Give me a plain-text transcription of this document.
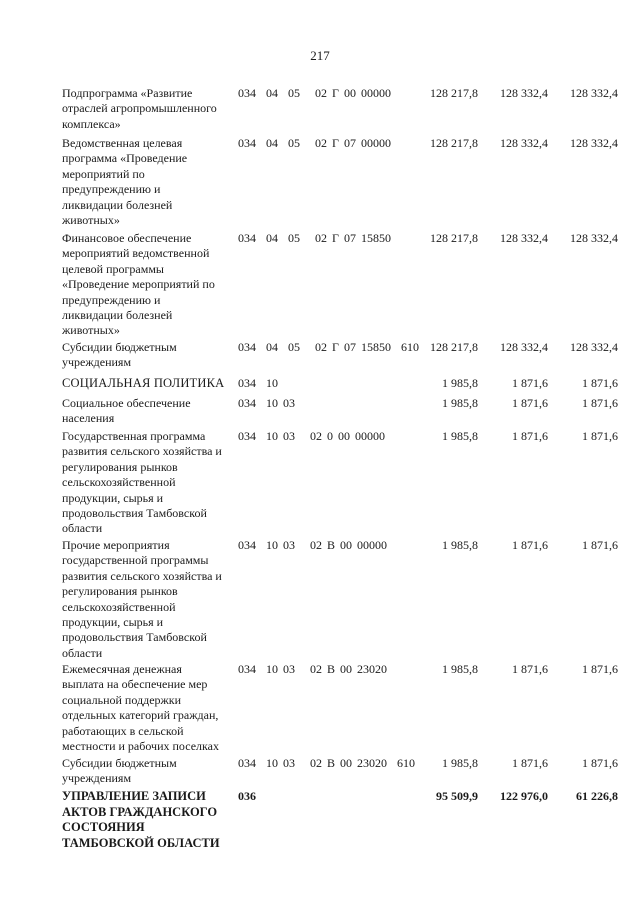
217
Подпрограмма «Развитие
отраслей агропромышленного
комплекса»
034  04  05   02 Г 00 00000	128 217,8	128 332,4	128 332,4
Ведомственная целевая
программа «Проведение
мероприятий по
предупреждению и
ликвидации болезней
животных»
034  04  05   02 Г 07 00000	128 217,8	128 332,4	128 332,4
Финансовое обеспечение
мероприятий ведомственной
целевой программы
«Проведение мероприятий по
предупреждению и
ликвидации болезней
животных»
034  04  05   02 Г 07 15850	128 217,8	128 332,4	128 332,4
Субсидии бюджетным
учреждениям
034  04  05   02 Г 07 15850  610 128 217,8	128 332,4	128 332,4
СОЦИАЛЬНАЯ ПОЛИТИКА	034  10	1 985,8	1 871,6	1 871,6
Социальное обеспечение
населения
034  10 03	1 985,8	1 871,6	1 871,6
Государственная программа
развития сельского хозяйства и
регулирования рынков
сельскохозяйственной
продукции, сырья и
продовольствия Тамбовской
области
034  10 03   02 0 00 00000	1 985,8	1 871,6	1 871,6
Прочие мероприятия
государственной программы
развития сельского хозяйства и
регулирования рынков
сельскохозяйственной
продукции, сырья и
продовольствия Тамбовской
области
034  10 03   02 В 00 00000	1 985,8	1 871,6	1 871,6
Ежемесячная денежная
выплата на обеспечение мер
социальной поддержки
отдельных категорий граждан,
работающих в сельской
местности и рабочих поселках
034  10 03   02 В 00 23020	1 985,8	1 871,6	1 871,6
Субсидии бюджетным
учреждениям
034  10 03   02 В 00 23020  610	1 985,8	1 871,6	1 871,6
УПРАВЛЕНИЕ ЗАПИСИ
АКТОВ ГРАЖДАНСКОГО
СОСТОЯНИЯ
ТАМБОВСКОЙ ОБЛАСТИ
036	95 509,9	122 976,0	61 226,8
